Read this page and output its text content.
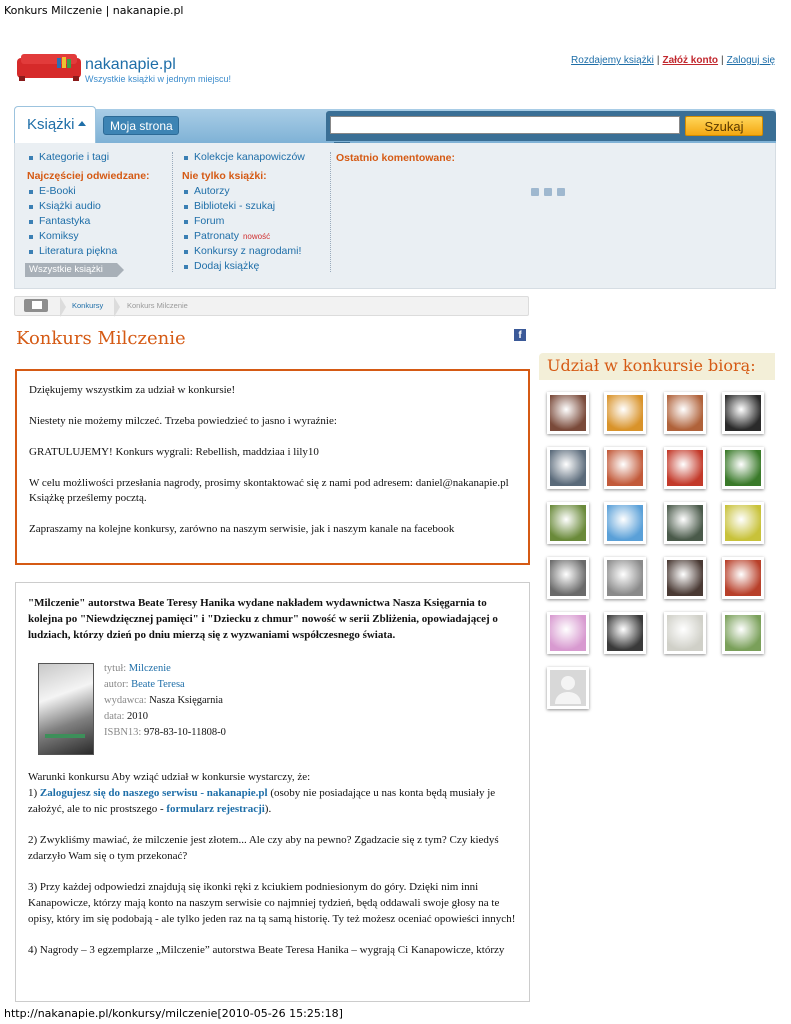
Konkurs Milczenie | nakanapie.pl
nakanapie.pl
Wszystkie książki w jednym miejscu!
Rozdajemy książki | Załóż konto | Zaloguj się
Książki	Moja strona	Szukaj
Kategorie i tagi
Najczęściej odwiedzane:
E-Booki
Książki audio
Fantastyka
Komiksy
Literatura piękna
Wszystkie książki
Kolekcje kanapowiczów
Nie tylko książki:
Autorzy
Biblioteki - szukaj
Forum
Patronaty nowość
Konkursy z nagrodami!
Dodaj książkę
Ostatnio komentowane:
Konkursy	Konkurs Milczenie
Konkurs Milczenie	f

Dziękujemy wszystkim za udział w konkursie!

Niestety nie możemy milczeć. Trzeba powiedzieć to jasno i wyraźnie:

GRATULUJEMY! Konkurs wygrali: Rebellish, maddziaa i lily10

W celu możliwości przesłania nagrody, prosimy skontaktować się z nami pod adresem: daniel@nakanapie.pl Książkę prześlemy pocztą.

Zapraszamy na kolejne konkursy, zarówno na naszym serwisie, jak i naszym kanale na facebook

"Milczenie" autorstwa Beate Teresy Hanika wydane nakładem wydawnictwa Nasza Księgarnia to kolejna po "Niewdzięcznej pamięci" i "Dziecku z chmur" nowość w serii Zbliżenia, opowiadającej o ludziach, którzy dzień po dniu mierzą się z wyzwaniami współczesnego świata.
tytuł: Milczenie
autor: Beate Teresa
wydawca: Nasza Księgarnia
data: 2010
ISBN13: 978-83-10-11808-0

Warunki konkursu Aby wziąć udział w konkursie wystarczy, że:
1) Zalogujesz się do naszego serwisu - nakanapie.pl (osoby nie posiadające u nas konta będą musiały je założyć, ale to nic prostszego - formularz rejestracji).

2) Zwykliśmy mawiać, że milczenie jest złotem... Ale czy aby na pewno? Zgadzacie się z tym? Czy kiedyś zdarzyło Wam się o tym przekonać?

3) Przy każdej odpowiedzi znajdują się ikonki ręki z kciukiem podniesionym do góry. Dzięki nim inni Kanapowicze, którzy mają konto na naszym serwisie co najmniej tydzień, będą oddawali swoje głosy na te opisy, który im się podobają - ale tylko jeden raz na tą samą historię. Ty też możesz oceniać opowieści innych!

4) Nagrody – 3 egzemplarze „Milczenie” autorstwa Beate Teresa Hanika – wygrają Ci Kanapowicze, którzy

Udział w konkursie biorą:
http://nakanapie.pl/konkursy/milczenie[2010-05-26 15:25:18]
